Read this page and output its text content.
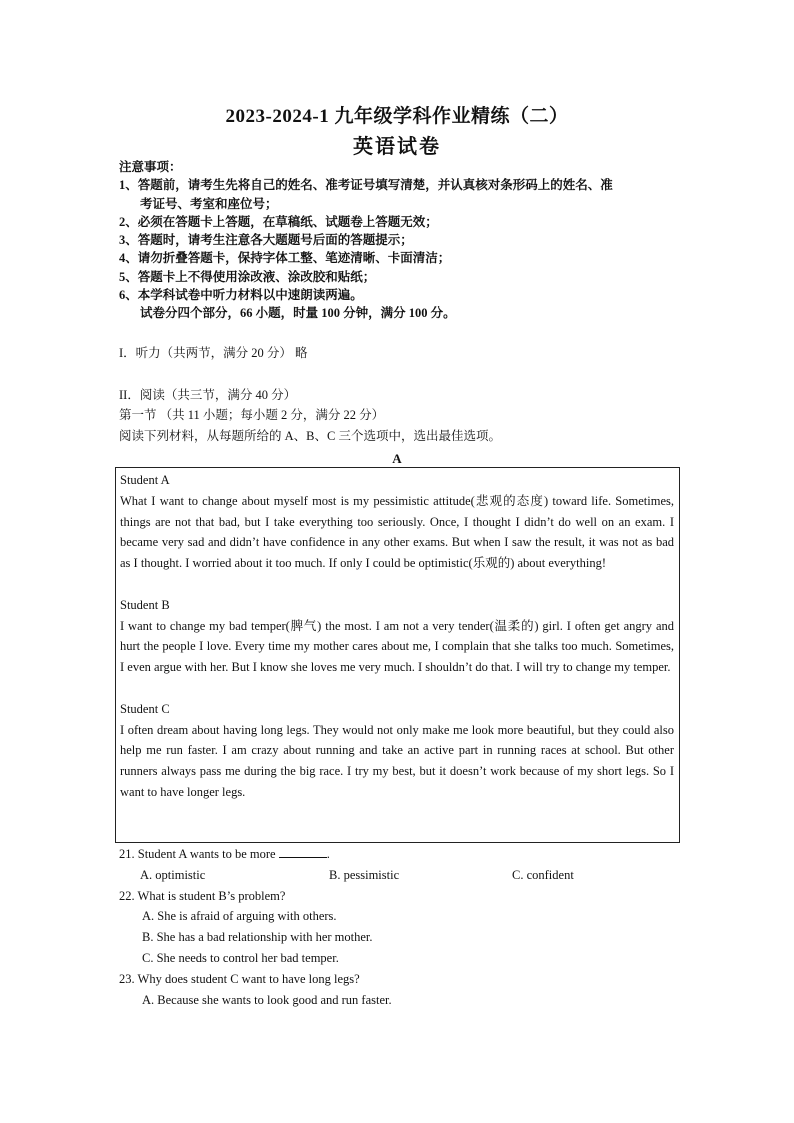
2023-2024-1 九年级学科作业精练（二）
英语试卷
注意事项：
1、答题前，请考生先将自己的姓名、准考证号填写清楚，并认真核对条形码上的姓名、准
考证号、考室和座位号；
2、必须在答题卡上答题，在草稿纸、试题卷上答题无效；
3、答题时，请考生注意各大题题号后面的答题提示；
4、请勿折叠答题卡，保持字体工整、笔迹清晰、卡面清洁；
5、答题卡上不得使用涂改液、涂改胶和贴纸；
6、本学科试卷中听力材料以中速朗读两遍。
试卷分四个部分，66 小题，时量 100 分钟，满分 100 分。
I．听力（共两节，满分 20 分） 略
II．阅读（共三节，满分 40 分）
第一节 （共 11 小题；每小题 2 分，满分 22 分）
阅读下列材料，从每题所给的 A、B、C 三个选项中，选出最佳选项。
A

Student A

What I want to change about myself most is my pessimistic attitude(悲观的态度) toward life. Sometimes, things are not that bad, but I take everything too seriously. Once, I thought I didn’t do well on an exam. I became very sad and didn’t have confidence in any other exams. But when I saw the result, it was not as bad as I thought. I worried about it too much. If only I could be optimistic(乐观的) about everything!

Student B

I want to change my bad temper(脾气) the most. I am not a very tender(温柔的) girl. I often get angry and hurt the people I love. Every time my mother cares about me, I complain that she talks too much. Sometimes, I even argue with her. But I know she loves me very much. I shouldn’t do that. I will try to change my temper.

Student C

I often dream about having long legs. They would not only make me look more beautiful, but they could also help me run faster. I am crazy about running and take an active part in running races at school. But other runners always pass me during the big race. I try my best, but it doesn’t work because of my short legs. So I want to have longer legs.

21. Student A wants to be more	.
A. optimistic	B. pessimistic	C. confident
22. What is student B’s problem?
A. She is afraid of arguing with others.
B. She has a bad relationship with her mother.
C. She needs to control her bad temper.
23. Why does student C want to have long legs?
A. Because she wants to look good and run faster.
